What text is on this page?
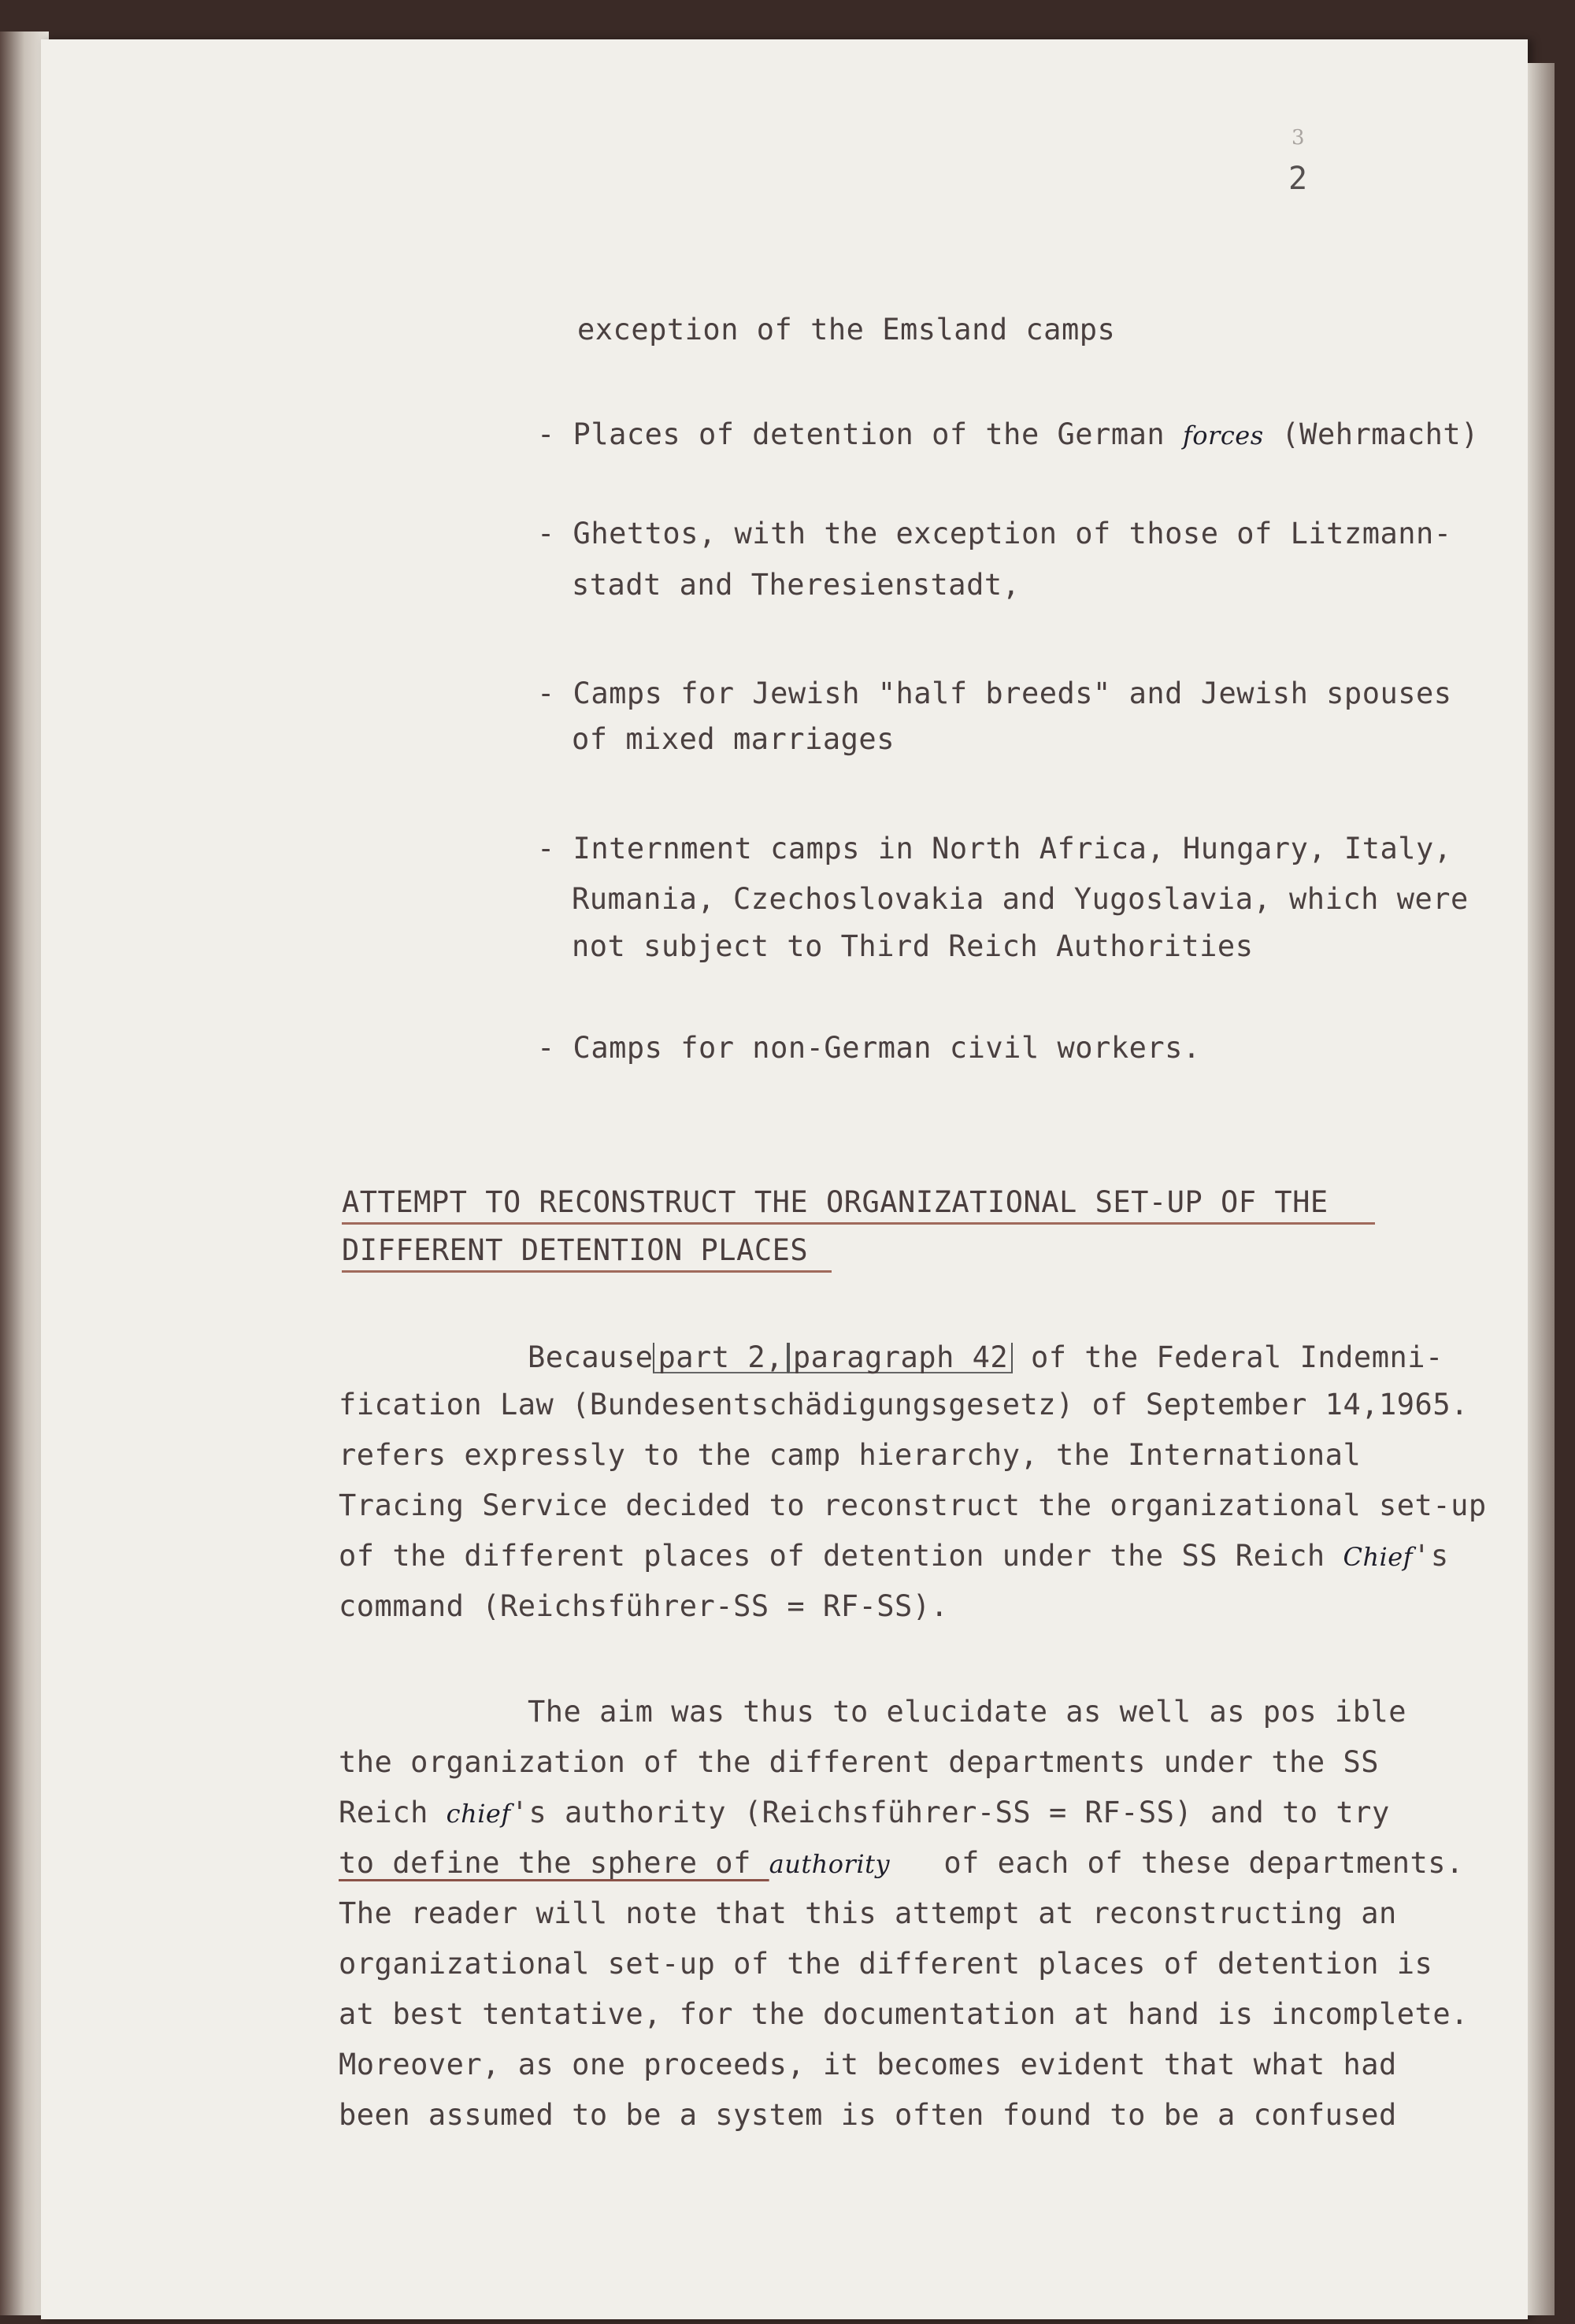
3
2
exception of the Emsland camps
- Places of detention of the German forces (Wehrmacht)
- Ghettos, with the exception of those of Litzmann-
stadt and Theresienstadt,
- Camps for Jewish "half breeds" and Jewish spouses
of mixed marriages
- Internment camps in North Africa, Hungary, Italy,
Rumania, Czechoslovakia and Yugoslavia, which were
not subject to Third Reich Authorities
- Camps for non-German civil workers.
ATTEMPT TO RECONSTRUCT THE ORGANIZATIONAL SET-UP OF THE
DIFFERENT DETENTION PLACES
Because part 2, paragraph 42 of the Federal Indemni-
fication Law (Bundesentschädigungsgesetz) of September 14,1965.
refers expressly to the camp hierarchy, the International
Tracing Service decided to reconstruct the organizational set-up
of the different places of detention under the SS Reich Chief's
command (Reichsführer-SS = RF-SS).
The aim was thus to elucidate as well as pos ible
the organization of the different departments under the SS
Reich chief's authority (Reichsführer-SS = RF-SS) and to try
to define the sphere of authority   of each of these departments.
The reader will note that this attempt at reconstructing an
organizational set-up of the different places of detention is
at best tentative, for the documentation at hand is incomplete.
Moreover, as one proceeds, it becomes evident that what had
been assumed to be a system is often found to be a confused
